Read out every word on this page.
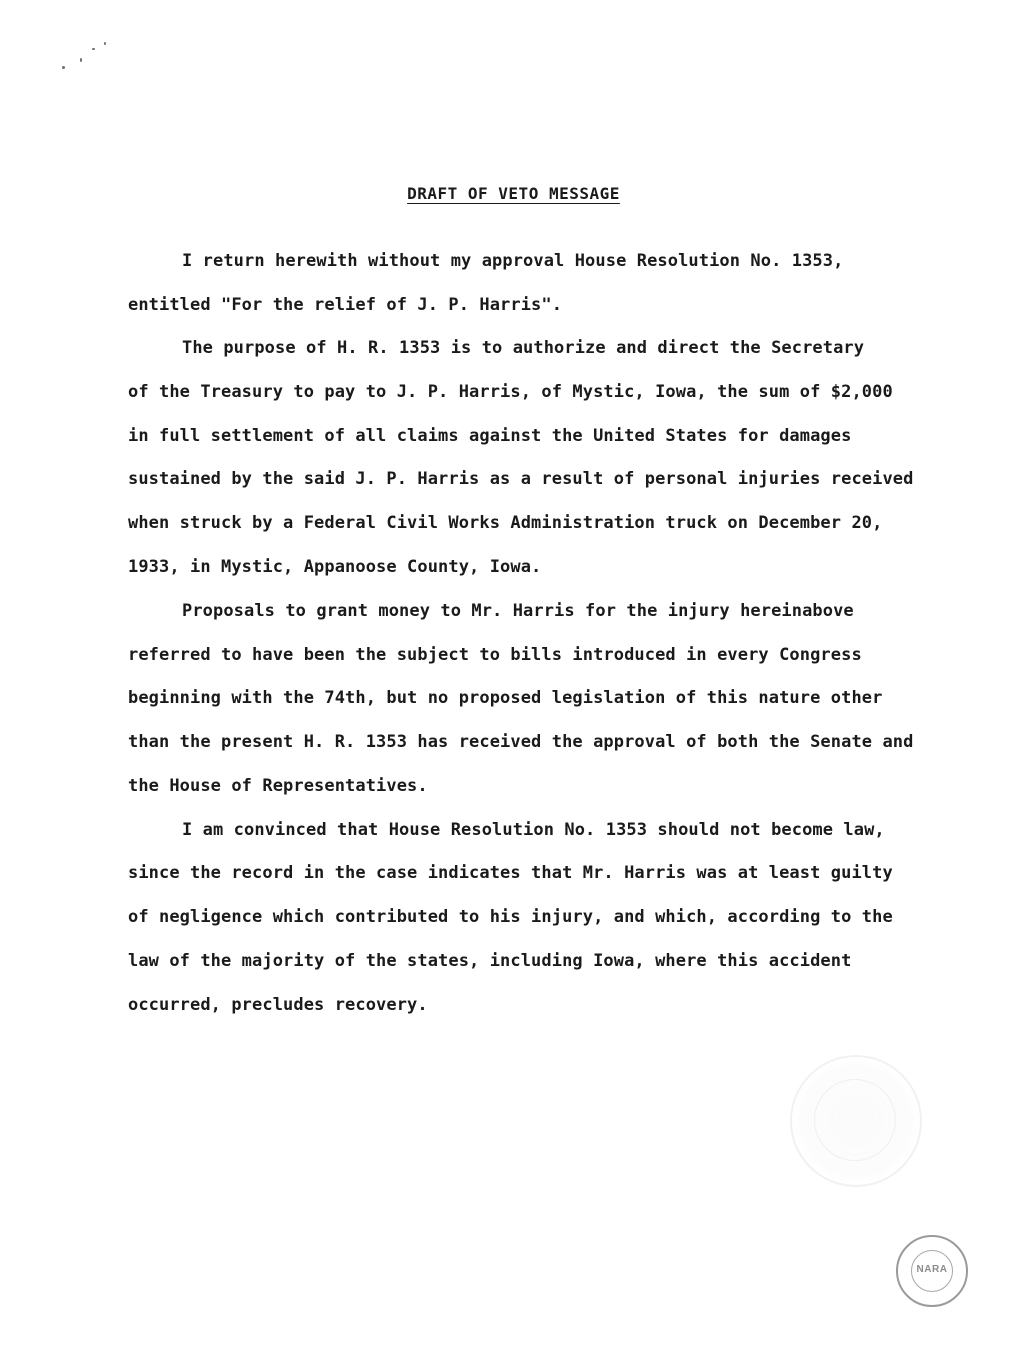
DRAFT OF VETO MESSAGE
I return herewith without my approval House Resolution No. 1353,
entitled "For the relief of J. P. Harris".
The purpose of H. R. 1353 is to authorize and direct the Secretary
of the Treasury to pay to J. P. Harris, of Mystic, Iowa, the sum of $2,000
in full settlement of all claims against the United States for damages
sustained by the said J. P. Harris as a result of personal injuries received
when struck by a Federal Civil Works Administration truck on December 20,
1933, in Mystic, Appanoose County, Iowa.
Proposals to grant money to Mr. Harris for the injury hereinabove
referred to have been the subject to bills introduced in every Congress
beginning with the 74th, but no proposed legislation of this nature other
than the present H. R. 1353 has received the approval of both the Senate and
the House of Representatives.
I am convinced that House Resolution No. 1353 should not become law,
since the record in the case indicates that Mr. Harris was at least guilty
of negligence which contributed to his injury, and which, according to the
law of the majority of the states, including Iowa, where this accident
occurred, precludes recovery.
NARA
